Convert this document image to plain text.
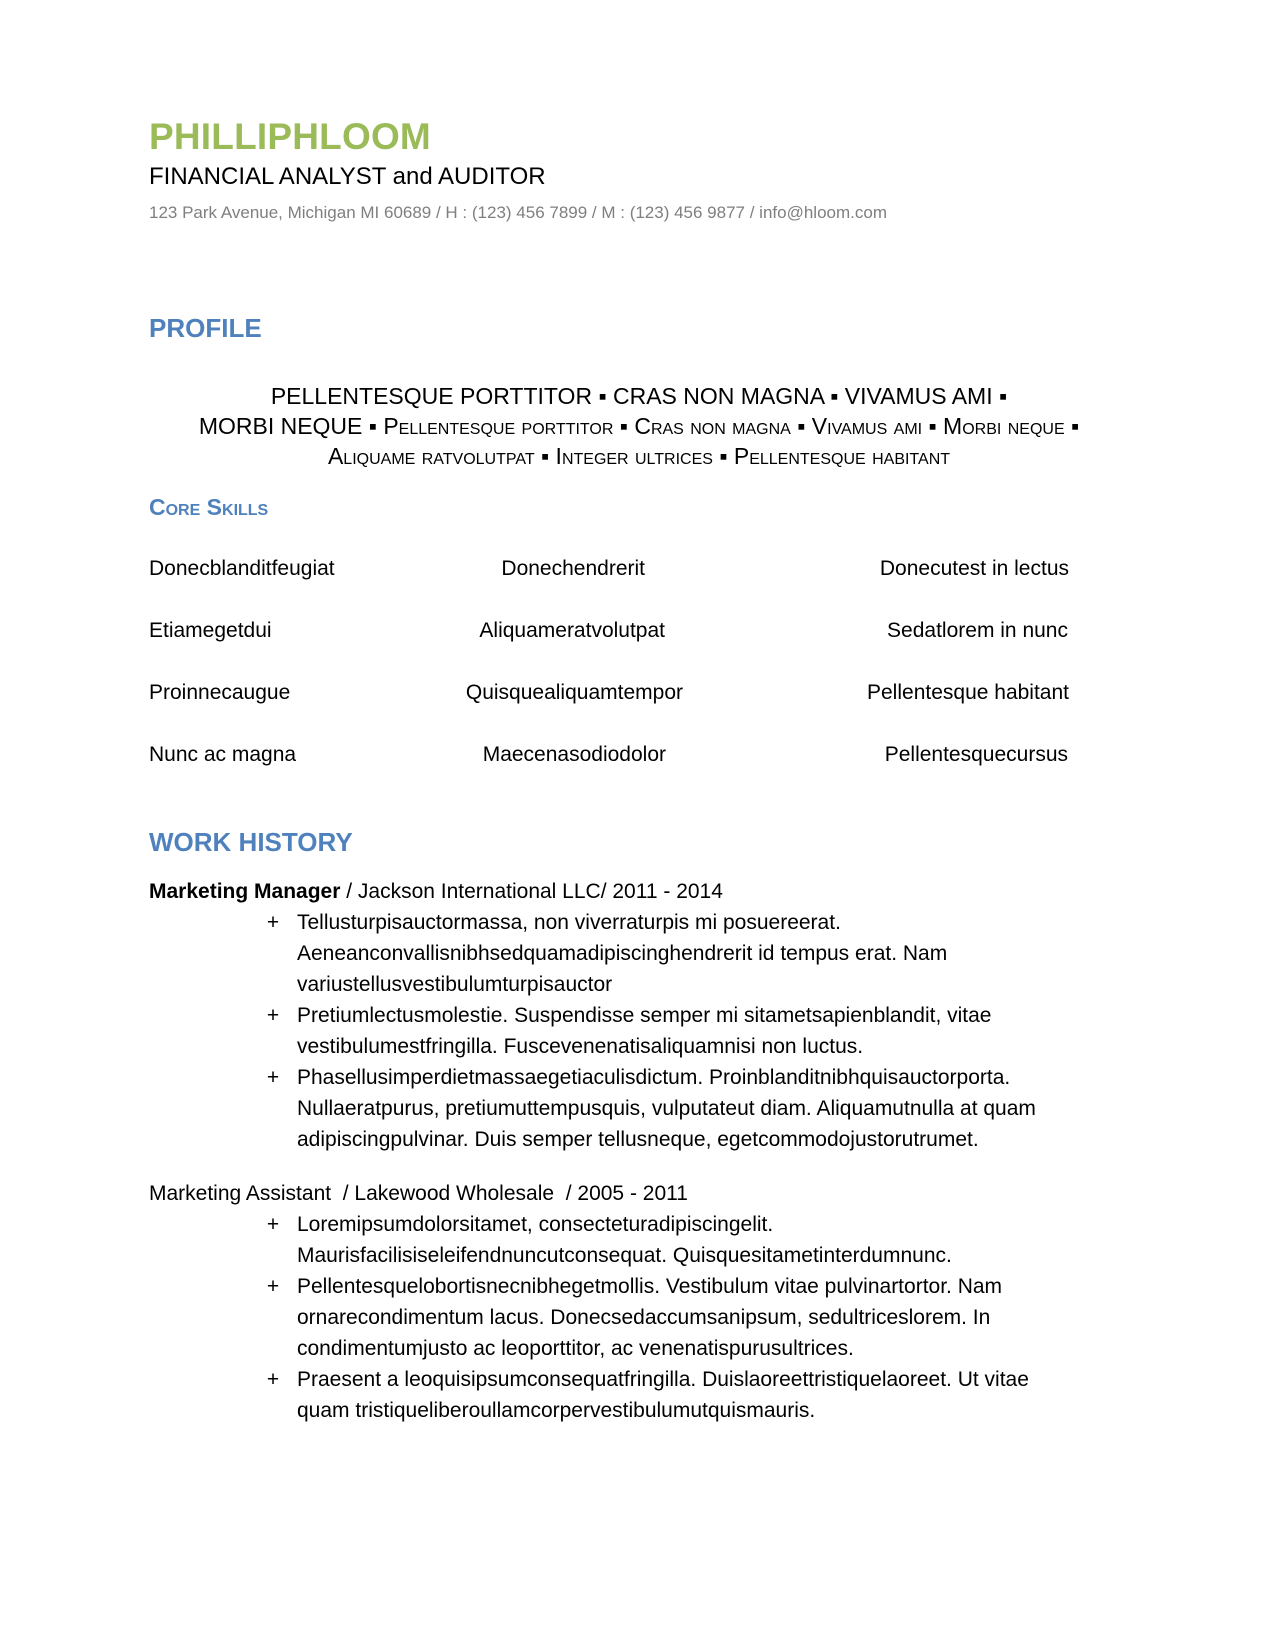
PHILLIPHLOOM
FINANCIAL ANALYST and AUDITOR
123 Park Avenue, Michigan MI 60689 / H : (123) 456 7899 / M : (123) 456 9877 / info@hloom.com
PROFILE
PELLENTESQUE PORTTITOR ▪ CRAS NON MAGNA ▪ VIVAMUS AMI ▪
MORBI NEQUE ▪ Pellentesque porttitor ▪ Cras non magna ▪ Vivamus ami ▪ Morbi neque ▪
Aliquame ratvolutpat ▪ Integer ultrices ▪ Pellentesque habitant
Core Skills
Donecblanditfeugiat	Donechendrerit	Donecutest in lectus
Etiamegetdui	Aliquameratvolutpat	Sedatlorem in nunc
Proinnecaugue	Quisquealiquamtempor	Pellentesque habitant
Nunc ac magna	Maecenasodiodolor	Pellentesquecursus
WORK HISTORY
Marketing Manager / Jackson International LLC/ 2011 - 2014
+ Tellusturpisauctormassa, non viverraturpis mi posuereerat. Aeneanconvallisnibhsedquamadipiscinghendrerit id tempus erat. Nam variustellusvestibulumturpisauctor
+ Pretiumlectusmolestie. Suspendisse semper mi sitametsapienblandit, vitae vestibulumestfringilla. Fuscevenenatisaliquamnisi non luctus.
+ Phasellusimperdietmassaegetiaculisdictum. Proinblanditnibhquisauctorporta. Nullaeratpurus, pretiumuttempusquis, vulputateut diam. Aliquamutnulla at quam adipiscingpulvinar. Duis semper tellusneque, egetcommodojustorutrumet.
Marketing Assistant  / Lakewood Wholesale  / 2005 - 2011
+ Loremipsumdolorsitamet, consecteturadipiscingelit. Maurisfacilisiseleifendnuncutconsequat. Quisquesitametinterdumnunc.
+ Pellentesquelobortisnecnibhegetmollis. Vestibulum vitae pulvinartortor. Nam ornarecondimentum lacus. Donecsedaccumsanipsum, sedultriceslorem. In condimentumjusto ac leoporttitor, ac venenatispurusultrices.
+ Praesent a leoquisipsumconsequatfringilla. Duislaoreettristiquelaoreet. Ut vitae quam tristiqueliberoullamcorpervestibulumutquismauris.
